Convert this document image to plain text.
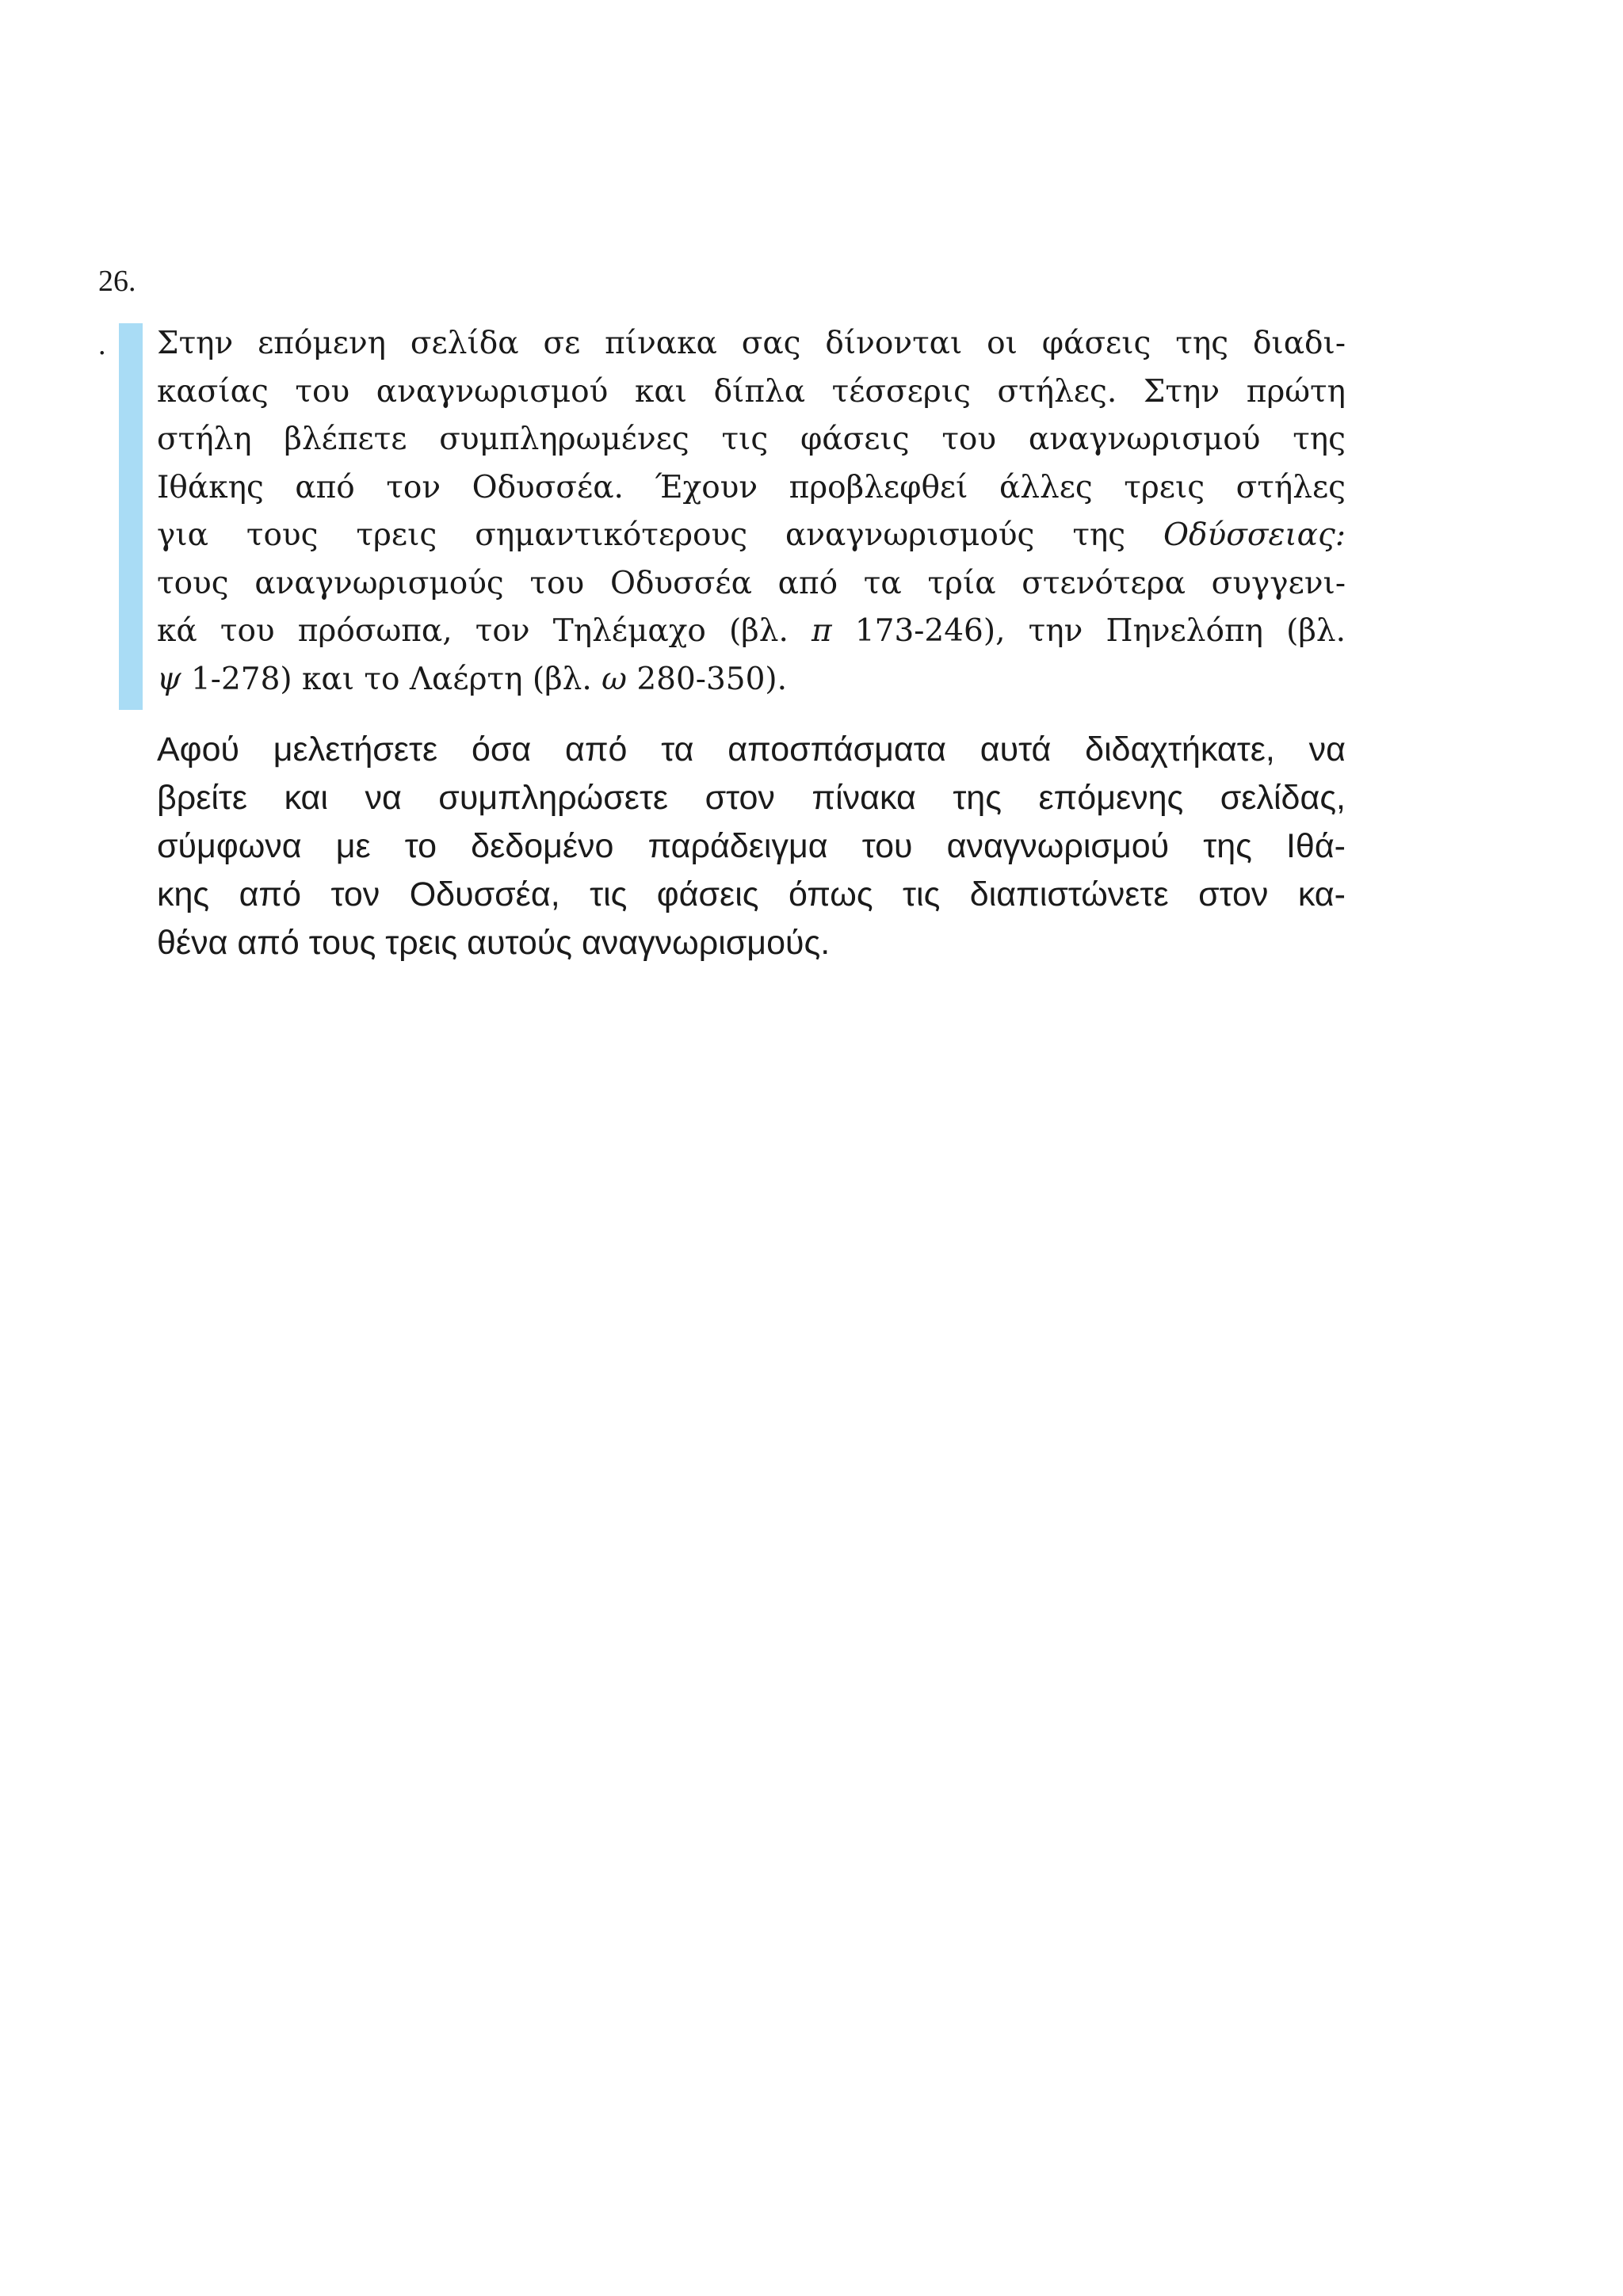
26.
. Στην επόμενη σελίδα σε πίνακα σας δίνονται οι φάσεις της διαδι-
κασίας του αναγνωρισμού και δίπλα τέσσερις στήλες. Στην πρώτη
στήλη βλέπετε συμπληρωμένες τις φάσεις του αναγνωρισμού της
Ιθάκης από τον Οδυσσέα. Έχουν προβλεφθεί άλλες τρεις στήλες
για τους τρεις σημαντικότερους αναγνωρισμούς της Οδύσσειας:
τους αναγνωρισμούς του Οδυσσέα από τα τρία στενότερα συγγενι-
κά του πρόσωπα, τον Τηλέμαχο (βλ. π 173-246), την Πηνελόπη (βλ.
ψ 1-278) και το Λαέρτη (βλ. ω 280-350).

Αφού μελετήσετε όσα από τα αποσπάσματα αυτά διδαχτήκατε, να
βρείτε και να συμπληρώσετε στον πίνακα της επόμενης σελίδας,
σύμφωνα με το δεδομένο παράδειγμα του αναγνωρισμού της Ιθά-
κης από τον Οδυσσέα, τις φάσεις όπως τις διαπιστώνετε στον κα-
θένα από τους τρεις αυτούς αναγνωρισμούς.
